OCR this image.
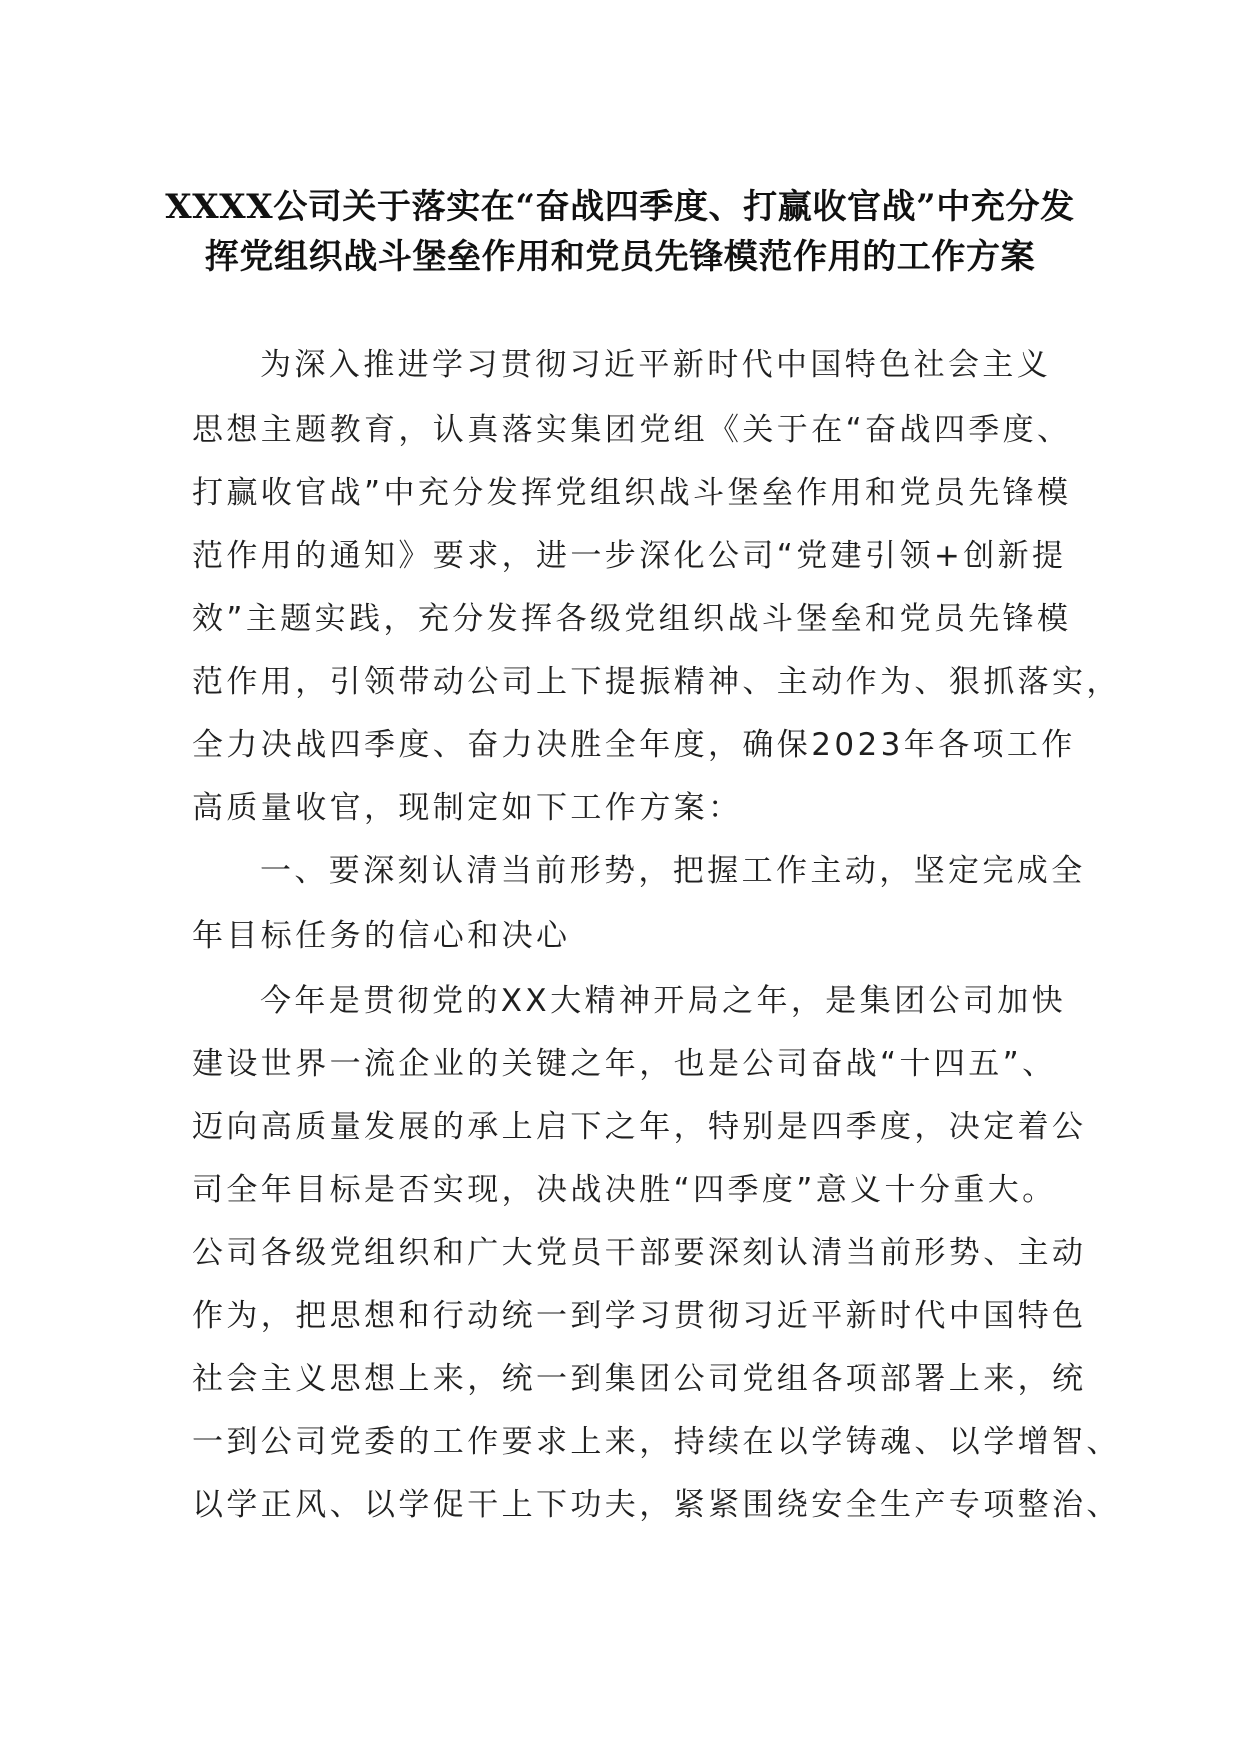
XXXX公司关于落实在“奋战四季度、打赢收官战”中充分发
挥党组织战斗堡垒作用和党员先锋模范作用的工作方案
为深入推进学习贯彻习近平新时代中国特色社会主义
思想主题教育，认真落实集团党组《关于在“奋战四季度、
打赢收官战”中充分发挥党组织战斗堡垒作用和党员先锋模
范作用的通知》要求，进一步深化公司“党建引领+创新提
效”主题实践，充分发挥各级党组织战斗堡垒和党员先锋模
范作用，引领带动公司上下提振精神、主动作为、狠抓落实，
全力决战四季度、奋力决胜全年度，确保2023年各项工作
高质量收官，现制定如下工作方案：
一、要深刻认清当前形势，把握工作主动，坚定完成全
年目标任务的信心和决心
今年是贯彻党的XX大精神开局之年，是集团公司加快
建设世界一流企业的关键之年，也是公司奋战“十四五”、
迈向高质量发展的承上启下之年，特别是四季度，决定着公
司全年目标是否实现，决战决胜“四季度”意义十分重大。
公司各级党组织和广大党员干部要深刻认清当前形势、主动
作为，把思想和行动统一到学习贯彻习近平新时代中国特色
社会主义思想上来，统一到集团公司党组各项部署上来，统
一到公司党委的工作要求上来，持续在以学铸魂、以学增智、
以学正风、以学促干上下功夫，紧紧围绕安全生产专项整治、
